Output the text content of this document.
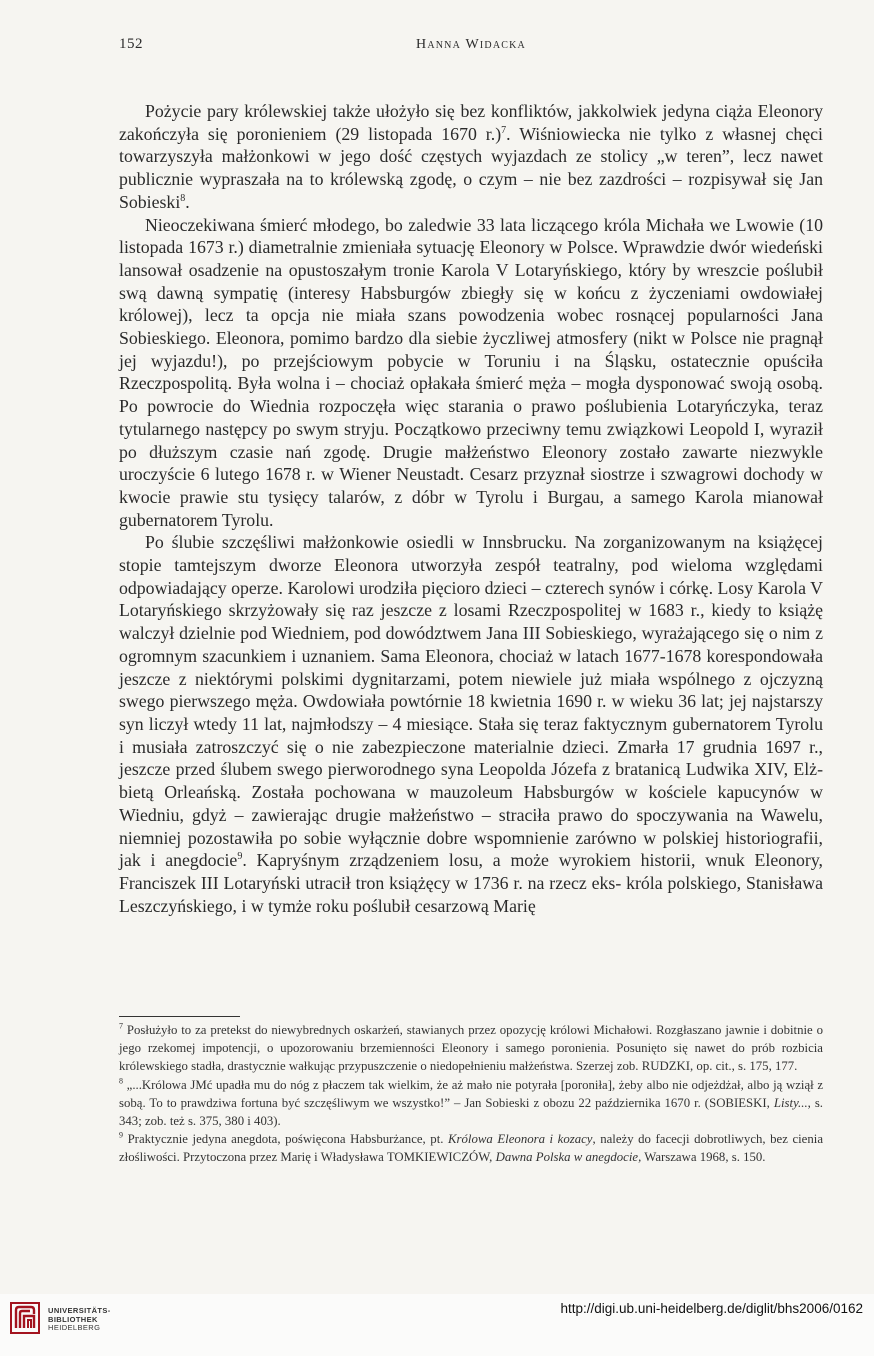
152	Hanna Widacka

Pożycie pary królewskiej także ułożyło się bez konfliktów, jakkolwiek jedyna ciąża Eleonory zakończyła się poronieniem (29 listopada 1670 r.)$^7$. Wiśniowiecka nie tylko z własnej chęci towarzyszyła małżonkowi w jego dość częstych wyjazdach ze stolicy „w teren”, lecz nawet publicznie wypraszała na to królewską zgodę, o czym – nie bez zazdrości – rozpisywał się Jan Sobieski$^8$.

Nieoczekiwana śmierć młodego, bo zaledwie 33 lata liczącego króla Michała we Lwowie (10 listopada 1673 r.) diametralnie zmieniała sytuację Eleonory w Polsce. Wprawdzie dwór wiedeński lansował osadzenie na opustoszałym tronie Karola V Lotaryńskiego, który by wreszcie poślubił swą dawną sympatię (interesy Habsburgów zbiegły się w końcu z życzeniami owdowiałej królowej), lecz ta opcja nie miała szans powodzenia wobec rosnącej popularności Jana Sobieskiego. Eleonora, pomimo bardzo dla siebie życzliwej atmosfery (nikt w Polsce nie pragnął jej wyjazdu!), po przejściowym pobycie w Toruniu i na Śląsku, ostatecznie opuściła Rzeczpospolitą. Była wolna i – chociaż opłakała śmierć męża – mogła dysponować swoją osobą. Po powrocie do Wiednia rozpoczęła więc starania o prawo poślubienia Lotaryńczyka, teraz tytularnego następcy po swym stryju. Początkowo przeciwny temu związkowi Leopold I, wyraził po dłuższym czasie nań zgodę. Drugie małżeństwo Eleonory zostało zawarte niezwykle uroczyście 6 lutego 1678 r. w Wiener Neustadt. Cesarz przyznał siostrze i szwagrowi dochody w kwocie prawie stu tysięcy talarów, z dóbr w Tyrolu i Burgau, a samego Karola mianował gubernatorem Tyrolu.

Po ślubie szczęśliwi małżonkowie osiedli w Innsbrucku. Na zorganizowanym na książęcej stopie tamtejszym dworze Eleonora utworzyła zespół teatralny, pod wieloma względami odpowiadający operze. Karolowi urodziła pięcioro dzieci – czterech synów i córkę. Losy Karola V Lotaryńskiego skrzyżowały się raz jeszcze z losami Rzeczpospolitej w 1683 r., kiedy to książę walczył dzielnie pod Wiedniem, pod dowództwem Jana III Sobieskiego, wyrażającego się o nim z ogromnym szacunkiem i uznaniem. Sama Eleonora, chociaż w latach 1677-1678 korespondowała jeszcze z niektórymi polskimi dygnitarzami, potem niewiele już miała wspólnego z ojczyzną swego pierwszego męża. Owdowiała powtórnie 18 kwietnia 1690 r. w wieku 36 lat; jej najstarszy syn liczył wtedy 11 lat, najmłodszy – 4 miesiące. Stała się teraz faktycznym gubernatorem Tyrolu i musiała zatroszczyć się o nie zabezpieczone materialnie dzieci. Zmarła 17 grudnia 1697 r., jeszcze przed ślubem swego pierworodnego syna Leopolda Józefa z bratanicą Ludwika XIV, Elżbietą Orleańską. Została pochowana w mauzoleum Habsburgów w kościele kapucynów w Wiedniu, gdyż – zawierając drugie małżeństwo – straciła prawo do spoczywania na Wawelu, niemniej pozostawiła po sobie wyłącznie dobre wspomnienie zarówno w polskiej historiografii, jak i anegdocie$^9$. Kapryśnym zrządzeniem losu, a może wyrokiem historii, wnuk Eleonory, Franciszek III Lotaryński utracił tron książęcy w 1736 r. na rzecz eks- króla polskiego, Stanisława Leszczyńskiego, i w tymże roku poślubił cesarzową Marię

$^7$ Posłużyło to za pretekst do niewybrednych oskarżeń, stawianych przez opozycję królowi Michałowi. Rozgłaszano jawnie i dobitnie o jego rzekomej impotencji, o upozorowaniu brzemienności Eleonory i samego poronienia. Posunięto się nawet do prób rozbicia królewskiego stadła, drastycznie wałkując przypuszczenie o niedopełnieniu małżeństwa. Szerzej zob. RUDZKI, op. cit., s. 175, 177.

$^8$ „...Królowa JMć upadła mu do nóg z płaczem tak wielkim, że aż mało nie potyrała [poroniła], żeby albo nie odjeżdżał, albo ją wziął z sobą. To to prawdziwa fortuna być szczęśliwym we wszystko!” – Jan Sobieski z obozu 22 października 1670 r. (SOBIESKI, Listy..., s. 343; zob. też s. 375, 380 i 403).

$^9$ Praktycznie jedyna anegdota, poświęcona Habsburżance, pt. Królowa Eleonora i kozacy, należy do facecji dobrotliwych, bez cienia złośliwości. Przytoczona przez Marię i Władysława TOMKIEWICZÓW, Dawna Polska w anegdocie, Warszawa 1968, s. 150.

UNIVERSITÄTS-
BIBLIOTHEK
HEIDELBERG
http://digi.ub.uni-heidelberg.de/diglit/bhs2006/0162
